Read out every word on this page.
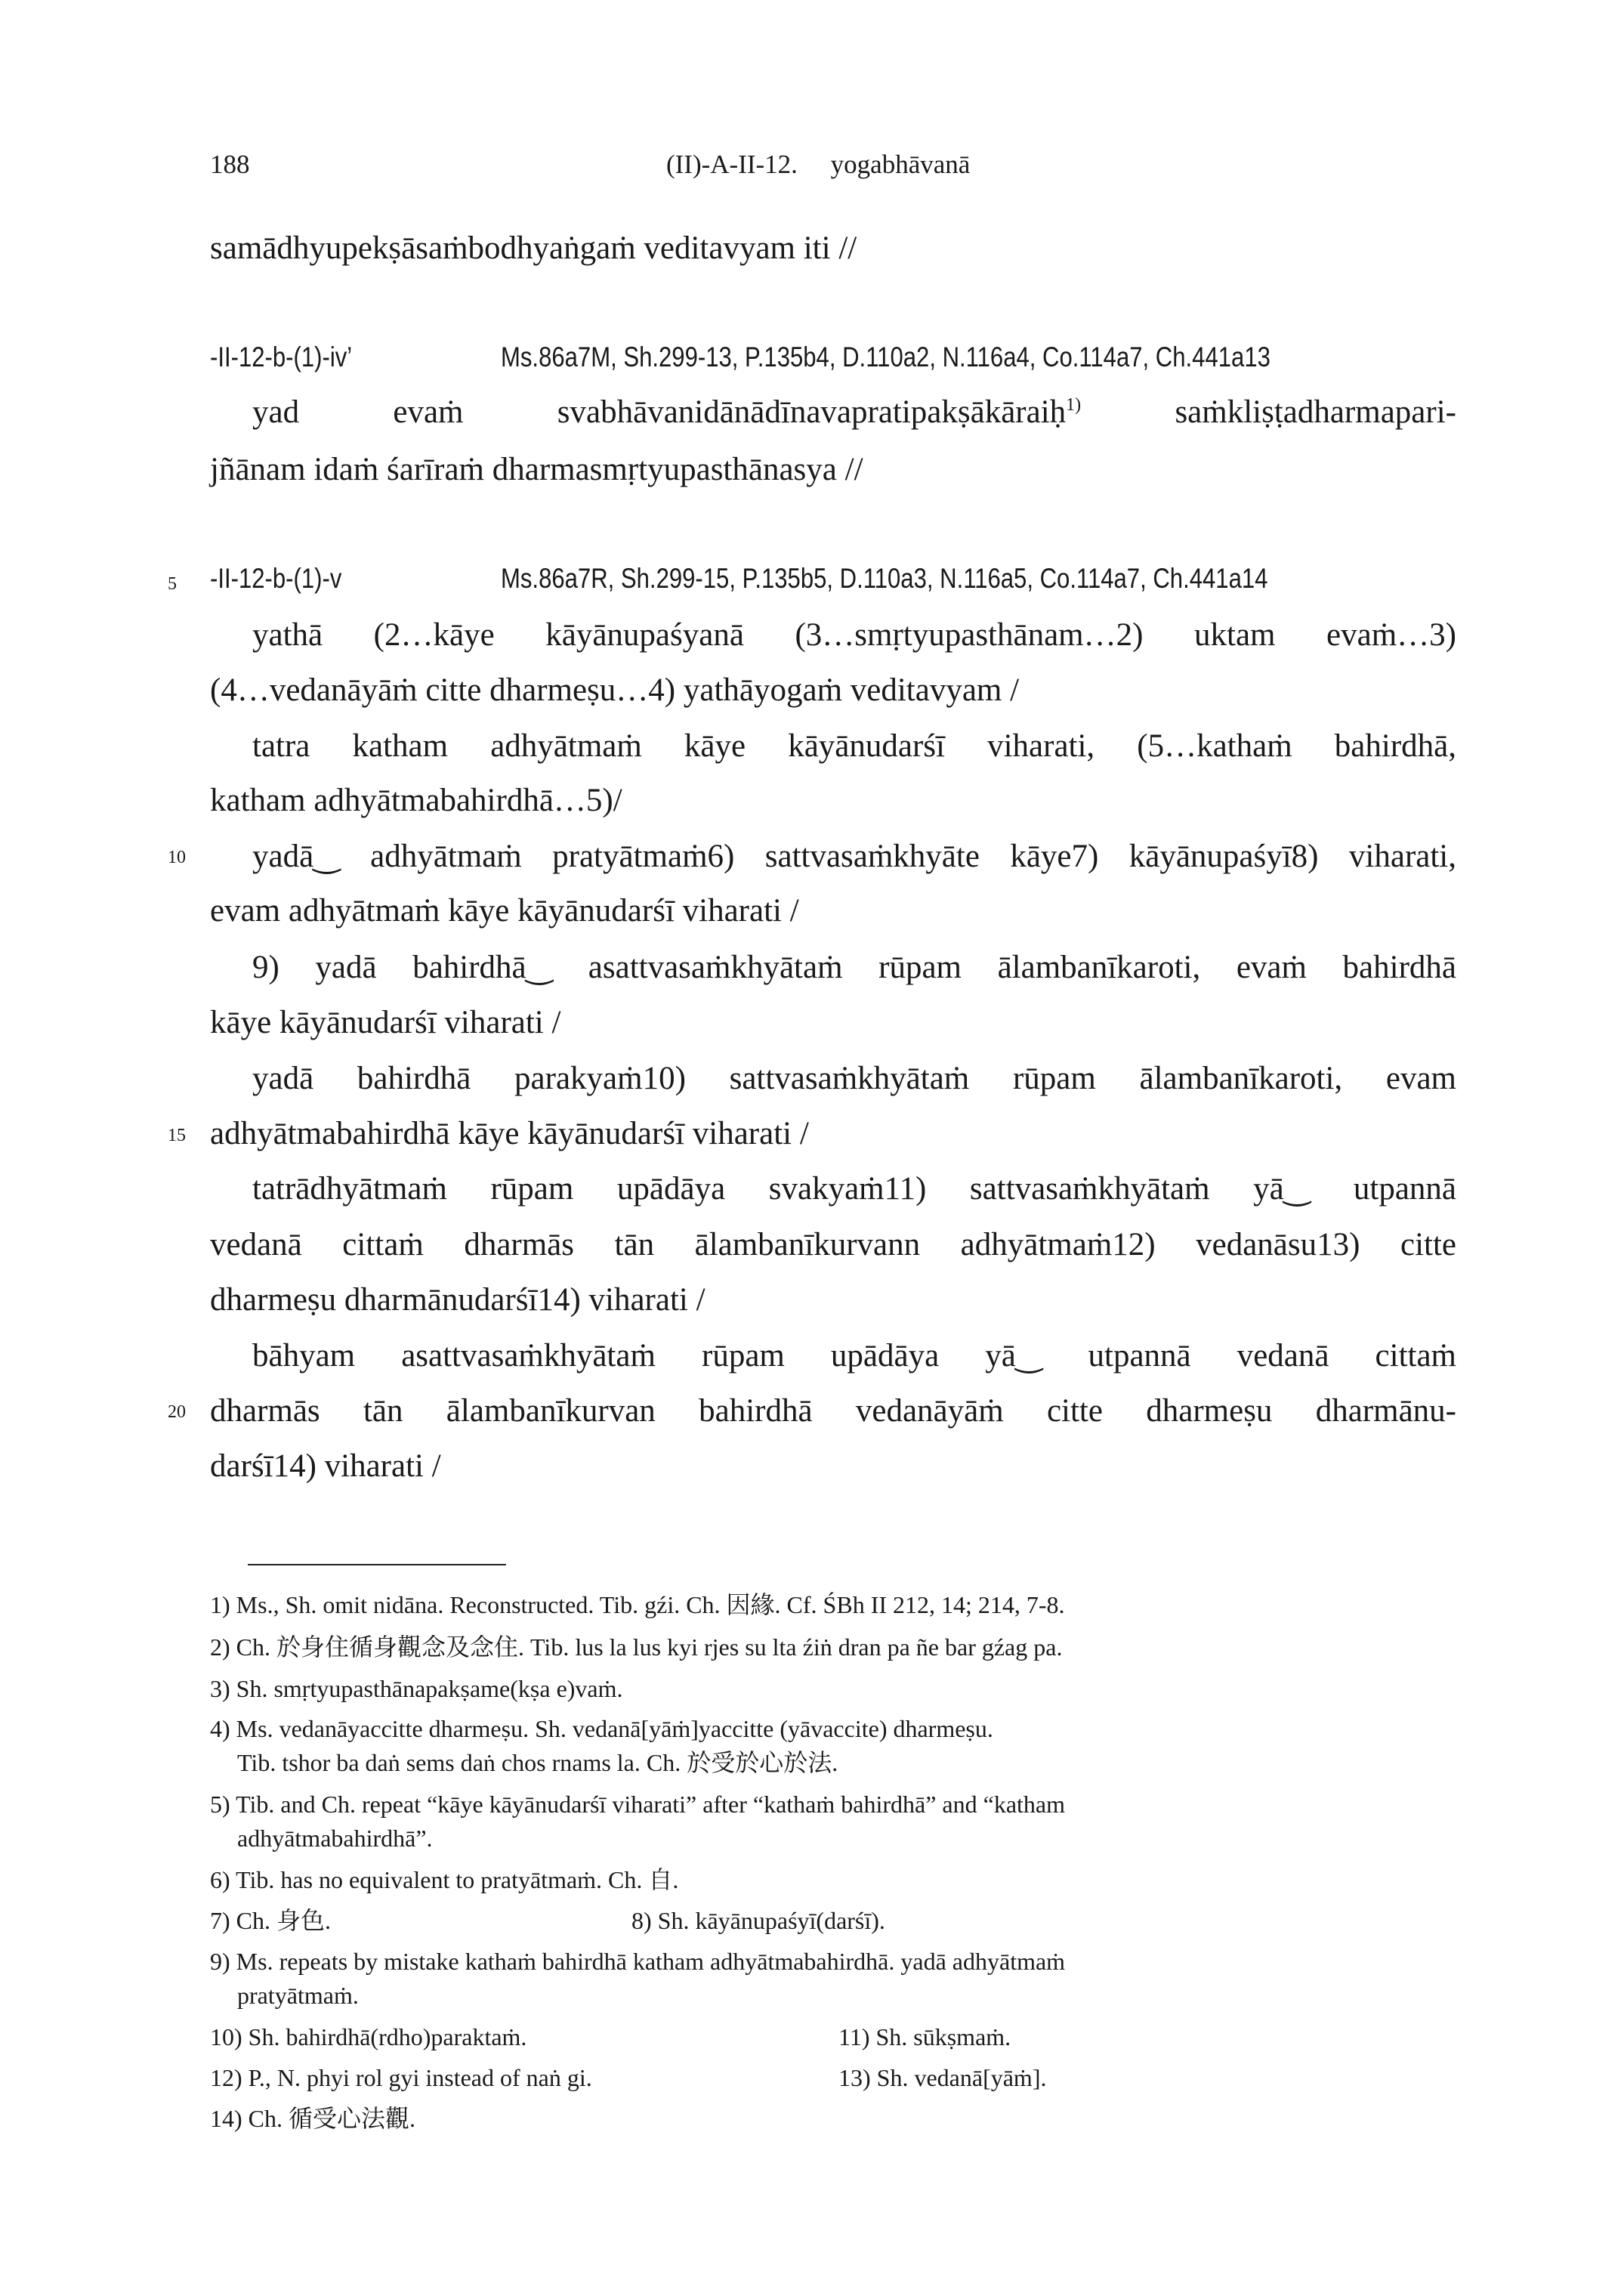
188	(II)-A-II-12.     yogabhāvanā
samādhyupekṣāsaṁbodhyaṅgaṁ veditavyam iti //
-II-12-b-(1)-iv’	Ms.86a7M, Sh.299-13, P.135b4, D.110a2, N.116a4, Co.114a7, Ch.441a13
yad evaṁ svabhāvanidānādīnavapratipakṣākāraiḥ$^{1)}$ saṁkliṣṭadharmapari-
jñānam idaṁ śarīraṁ dharmasmṛtyupasthānasya //
5 -II-12-b-(1)-v	Ms.86a7R, Sh.299-15, P.135b5, D.110a3, N.116a5, Co.114a7, Ch.441a14
yathā (2…kāye kāyānupaśyanā (3…smṛtyupasthānam…2) uktam evaṁ…3)
(4…vedanāyāṁ citte dharmeṣu…4) yathāyogaṁ veditavyam /
tatra katham adhyātmaṁ kāye kāyānudarśī viharati, (5…kathaṁ bahirdhā,
katham adhyātmabahirdhā…5)/
10 yadā‿ adhyātmaṁ pratyātmaṁ6) sattvasaṁkhyāte kāye7) kāyānupaśyī8) viharati,
evam adhyātmaṁ kāye kāyānudarśī viharati /
9) yadā bahirdhā‿ asattvasaṁkhyātaṁ rūpam ālambanīkaroti, evaṁ bahirdhā
kāye kāyānudarśī viharati /
yadā bahirdhā parakyaṁ10) sattvasaṁkhyātaṁ rūpam ālambanīkaroti, evam
15 adhyātmabahirdhā kāye kāyānudarśī viharati /
tatrādhyātmaṁ rūpam upādāya svakyaṁ11) sattvasaṁkhyātaṁ yā‿ utpannā
vedanā cittaṁ dharmās tān ālambanīkurvann adhyātmaṁ12) vedanāsu13) citte
dharmeṣu dharmānudarśī14) viharati /
bāhyam asattvasaṁkhyātaṁ rūpam upādāya yā‿ utpannā vedanā cittaṁ
20 dharmās tān ālambanīkurvan bahirdhā vedanāyāṁ citte dharmeṣu dharmānu-
darśī14) viharati /
1) Ms., Sh. omit nidāna. Reconstructed. Tib. gźi. Ch. 因緣. Cf. ŚBh II 212, 14; 214, 7-8.
2) Ch. 於身住循身觀念及念住. Tib. lus la lus kyi rjes su lta źiṅ dran pa ñe bar gźag pa.
3) Sh. smṛtyupasthānapakṣame(kṣa e)vaṁ.
4) Ms. vedanāyaccitte dharmeṣu. Sh. vedanā[yāṁ]yaccitte (yāvaccite) dharmeṣu.
Tib. tshor ba daṅ sems daṅ chos rnams la. Ch. 於受於心於法.
5) Tib. and Ch. repeat “kāye kāyānudarśī viharati” after “kathaṁ bahirdhā” and “katham
adhyātmabahirdhā”.
6) Tib. has no equivalent to pratyātmaṁ. Ch. 自.
7) Ch. 身色.	8) Sh. kāyānupaśyī(darśī).
9) Ms. repeats by mistake kathaṁ bahirdhā katham adhyātmabahirdhā. yadā adhyātmaṁ
pratyātmaṁ.
10) Sh. bahirdhā(rdho)paraktaṁ.	11) Sh. sūkṣmaṁ.
12) P., N. phyi rol gyi instead of naṅ gi.	13) Sh. vedanā[yāṁ].
14) Ch. 循受心法觀.
